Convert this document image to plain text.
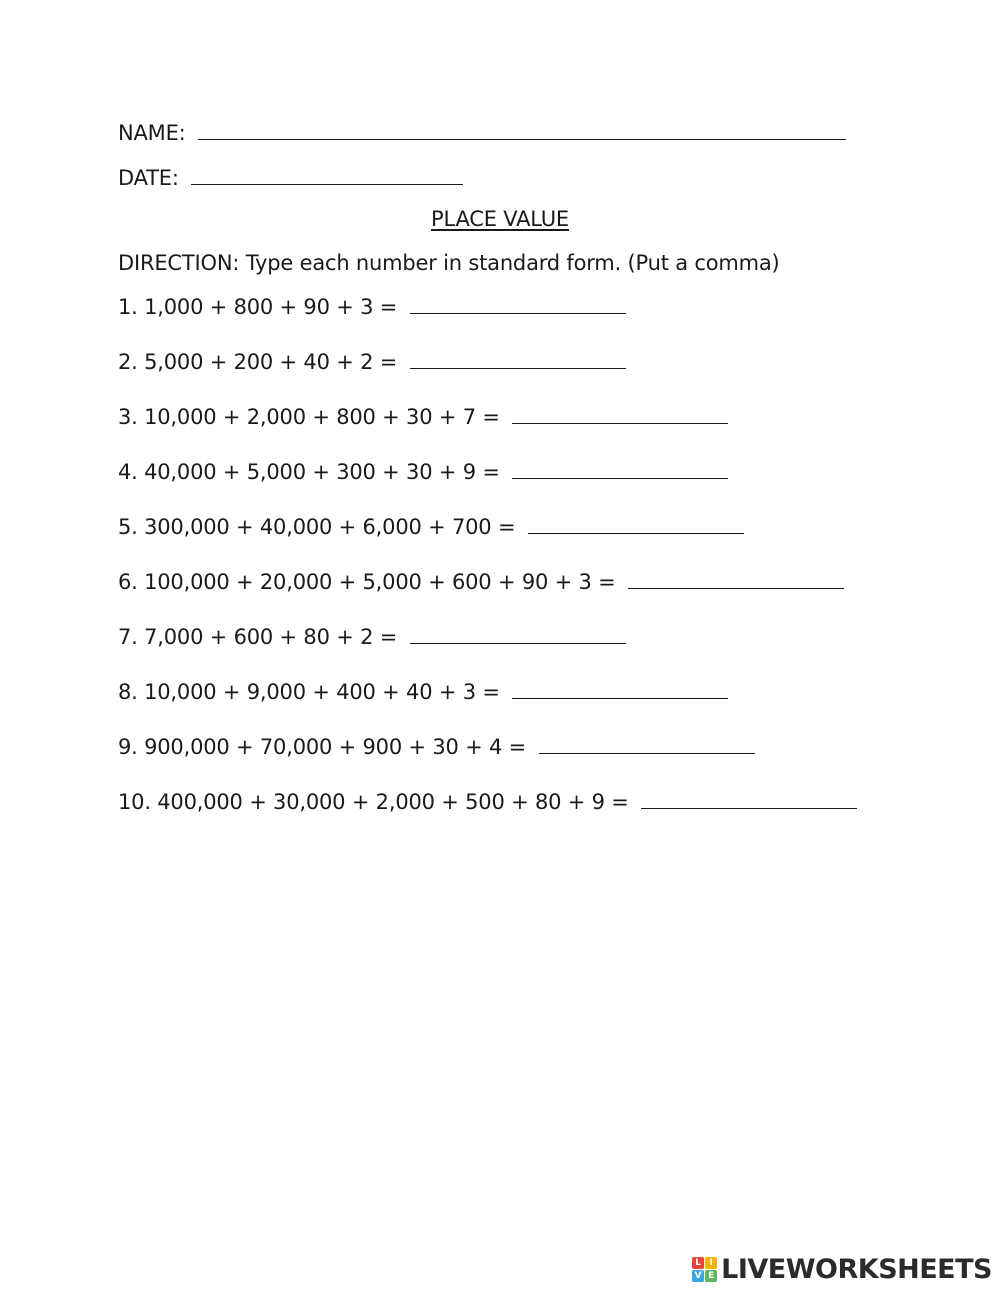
NAME:
DATE:
PLACE VALUE
DIRECTION: Type each number in standard form. (Put a comma)
1. 1,000 + 800 + 90 + 3 =
2. 5,000 + 200 + 40 + 2 =
3. 10,000 + 2,000 + 800 + 30 + 7 =
4. 40,000 + 5,000 + 300 + 30 + 9 =
5. 300,000 + 40,000 + 6,000 + 700 =
6. 100,000 + 20,000 + 5,000 + 600 + 90 + 3 =
7. 7,000 + 600 + 80 + 2 =
8. 10,000 + 9,000 + 400 + 40 + 3 =
9. 900,000 + 70,000 + 900 + 30 + 4 =
10. 400,000 + 30,000 + 2,000 + 500 + 80 + 9 =
L I
V E LIVEWORKSHEETS
